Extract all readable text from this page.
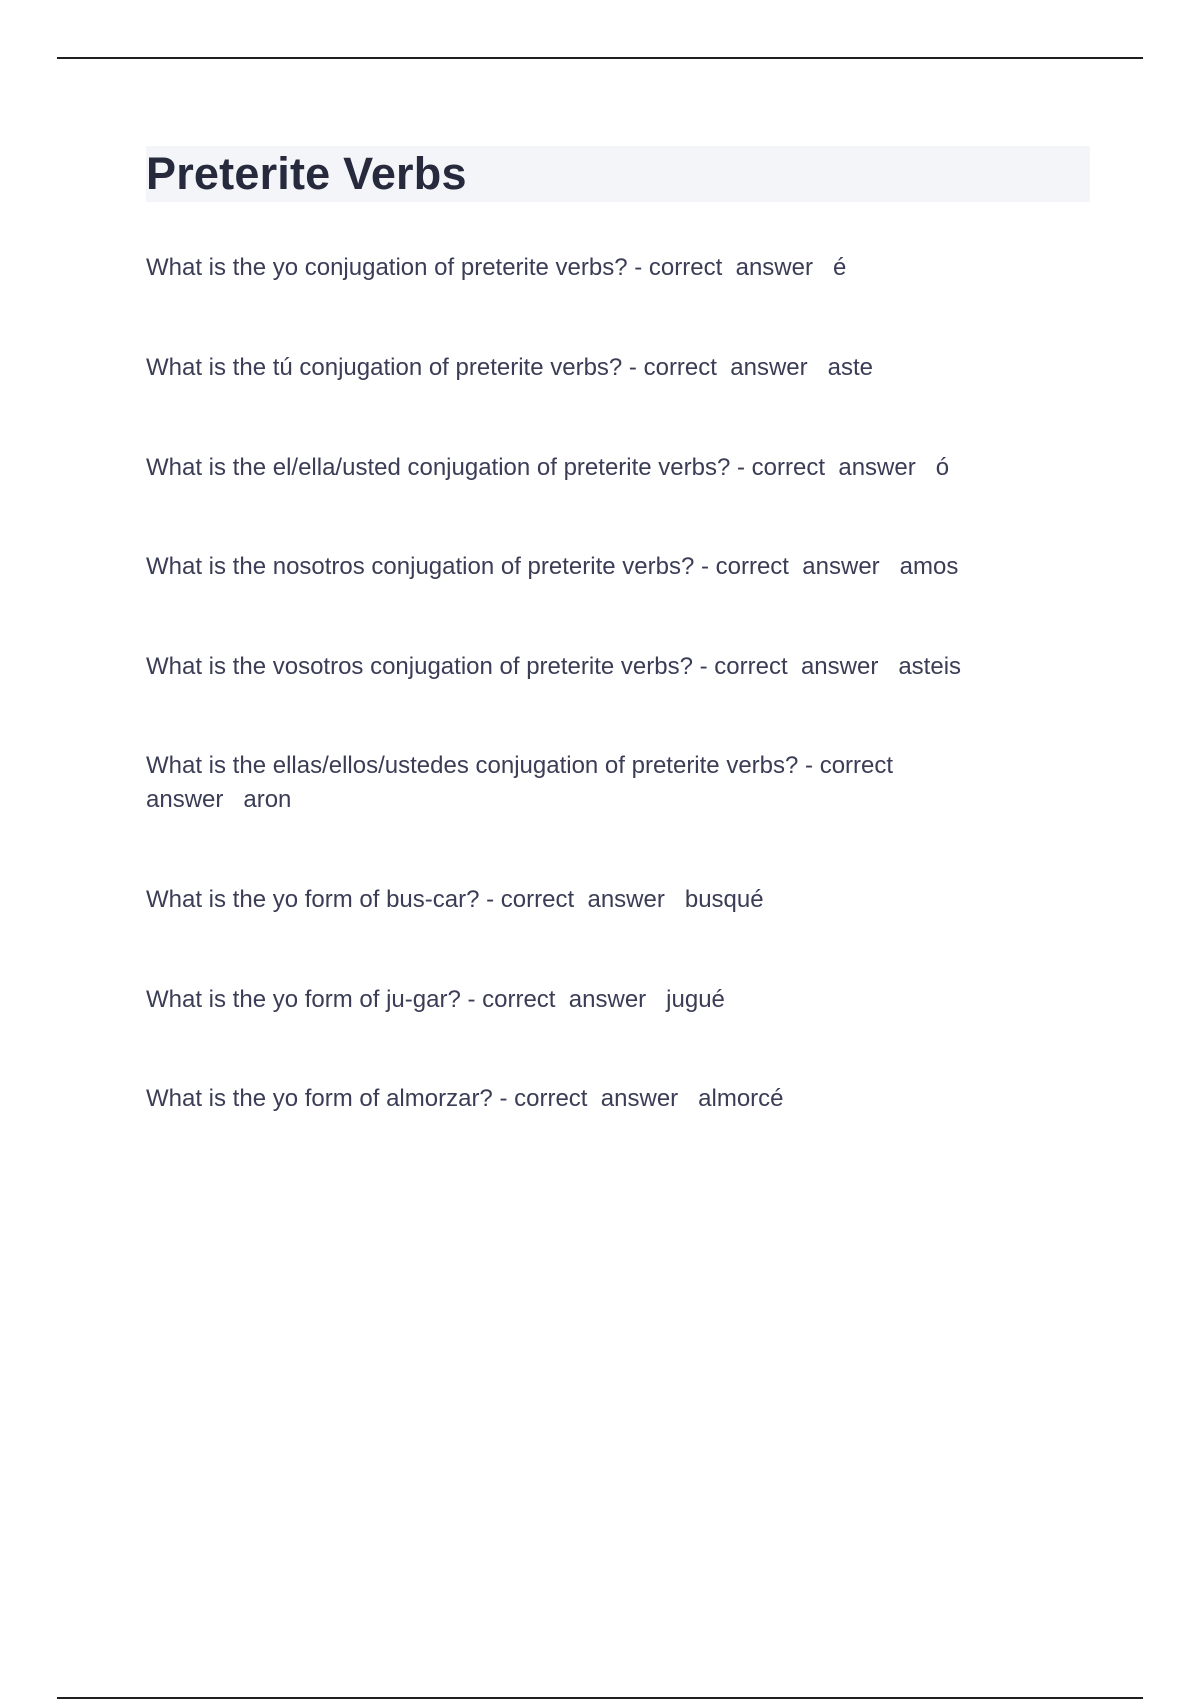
Preterite Verbs
What is the yo conjugation of preterite verbs? - correct  answer   é
What is the tú conjugation of preterite verbs? - correct  answer   aste
What is the el/ella/usted conjugation of preterite verbs? - correct  answer   ó
What is the nosotros conjugation of preterite verbs? - correct  answer   amos
What is the vosotros conjugation of preterite verbs? - correct  answer   asteis
What is the ellas/ellos/ustedes conjugation of preterite verbs? - correct
answer   aron
What is the yo form of bus-car? - correct  answer   busqué
What is the yo form of ju-gar? - correct  answer   jugué
What is the yo form of almorzar? - correct  answer   almorcé
